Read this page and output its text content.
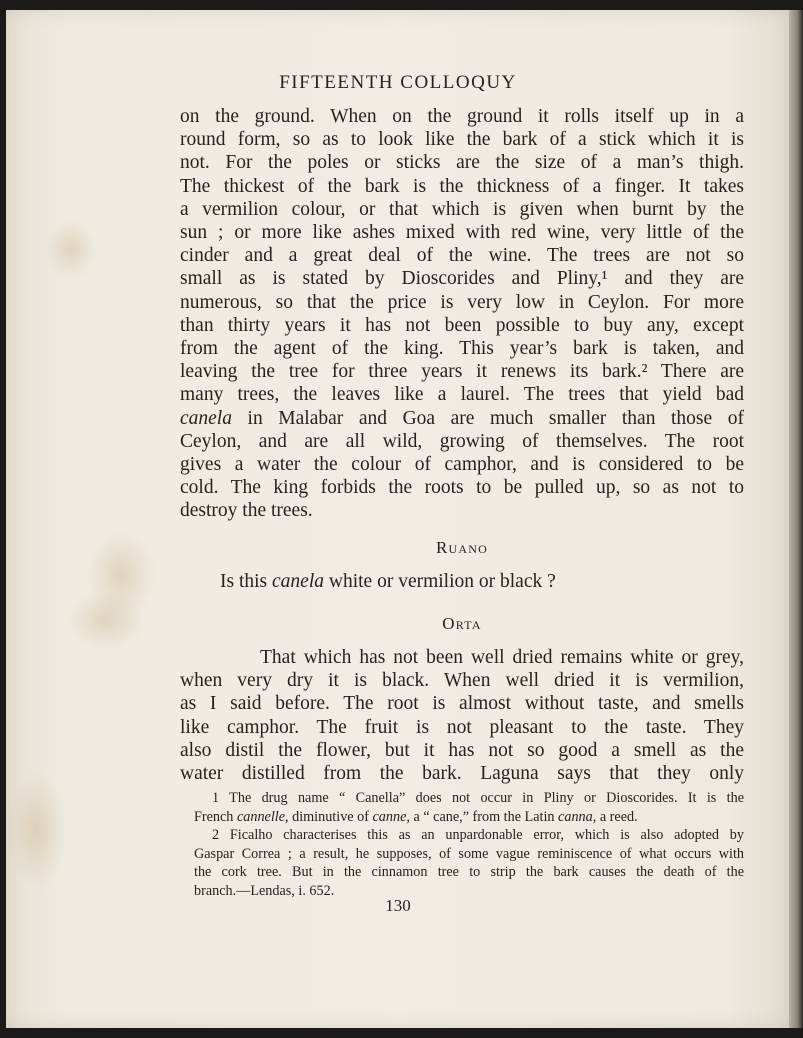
FIFTEENTH COLLOQUY
on the ground. When on the ground it rolls itself up in a
round form, so as to look like the bark of a stick which it is
not. For the poles or sticks are the size of a man’s thigh.
The thickest of the bark is the thickness of a finger. It takes
a vermilion colour, or that which is given when burnt by the
sun ; or more like ashes mixed with red wine, very little of the
cinder and a great deal of the wine. The trees are not so
small as is stated by Dioscorides and Pliny,¹ and they are
numerous, so that the price is very low in Ceylon. For more
than thirty years it has not been possible to buy any, except
from the agent of the king. This year’s bark is taken, and
leaving the tree for three years it renews its bark.² There are
many trees, the leaves like a laurel. The trees that yield bad
canela in Malabar and Goa are much smaller than those of
Ceylon, and are all wild, growing of themselves. The root
gives a water the colour of camphor, and is considered to be
cold. The king forbids the roots to be pulled up, so as not to
destroy the trees.
Ruano
Is this canela white or vermilion or black ?
Orta
That which has not been well dried remains white or grey,
when very dry it is black. When well dried it is vermilion,
as I said before. The root is almost without taste, and smells
like camphor. The fruit is not pleasant to the taste. They
also distil the flower, but it has not so good a smell as the
water distilled from the bark. Laguna says that they only
1 The drug name “ Canella” does not occur in Pliny or Dioscorides. It is the
French cannelle, diminutive of canne, a “ cane,” from the Latin canna, a reed.
2 Ficalho characterises this as an unpardonable error, which is also adopted by
Gaspar Correa ; a result, he supposes, of some vague reminiscence of what occurs with
the cork tree. But in the cinnamon tree to strip the bark causes the death of the
branch.—Lendas, i. 652.
130
